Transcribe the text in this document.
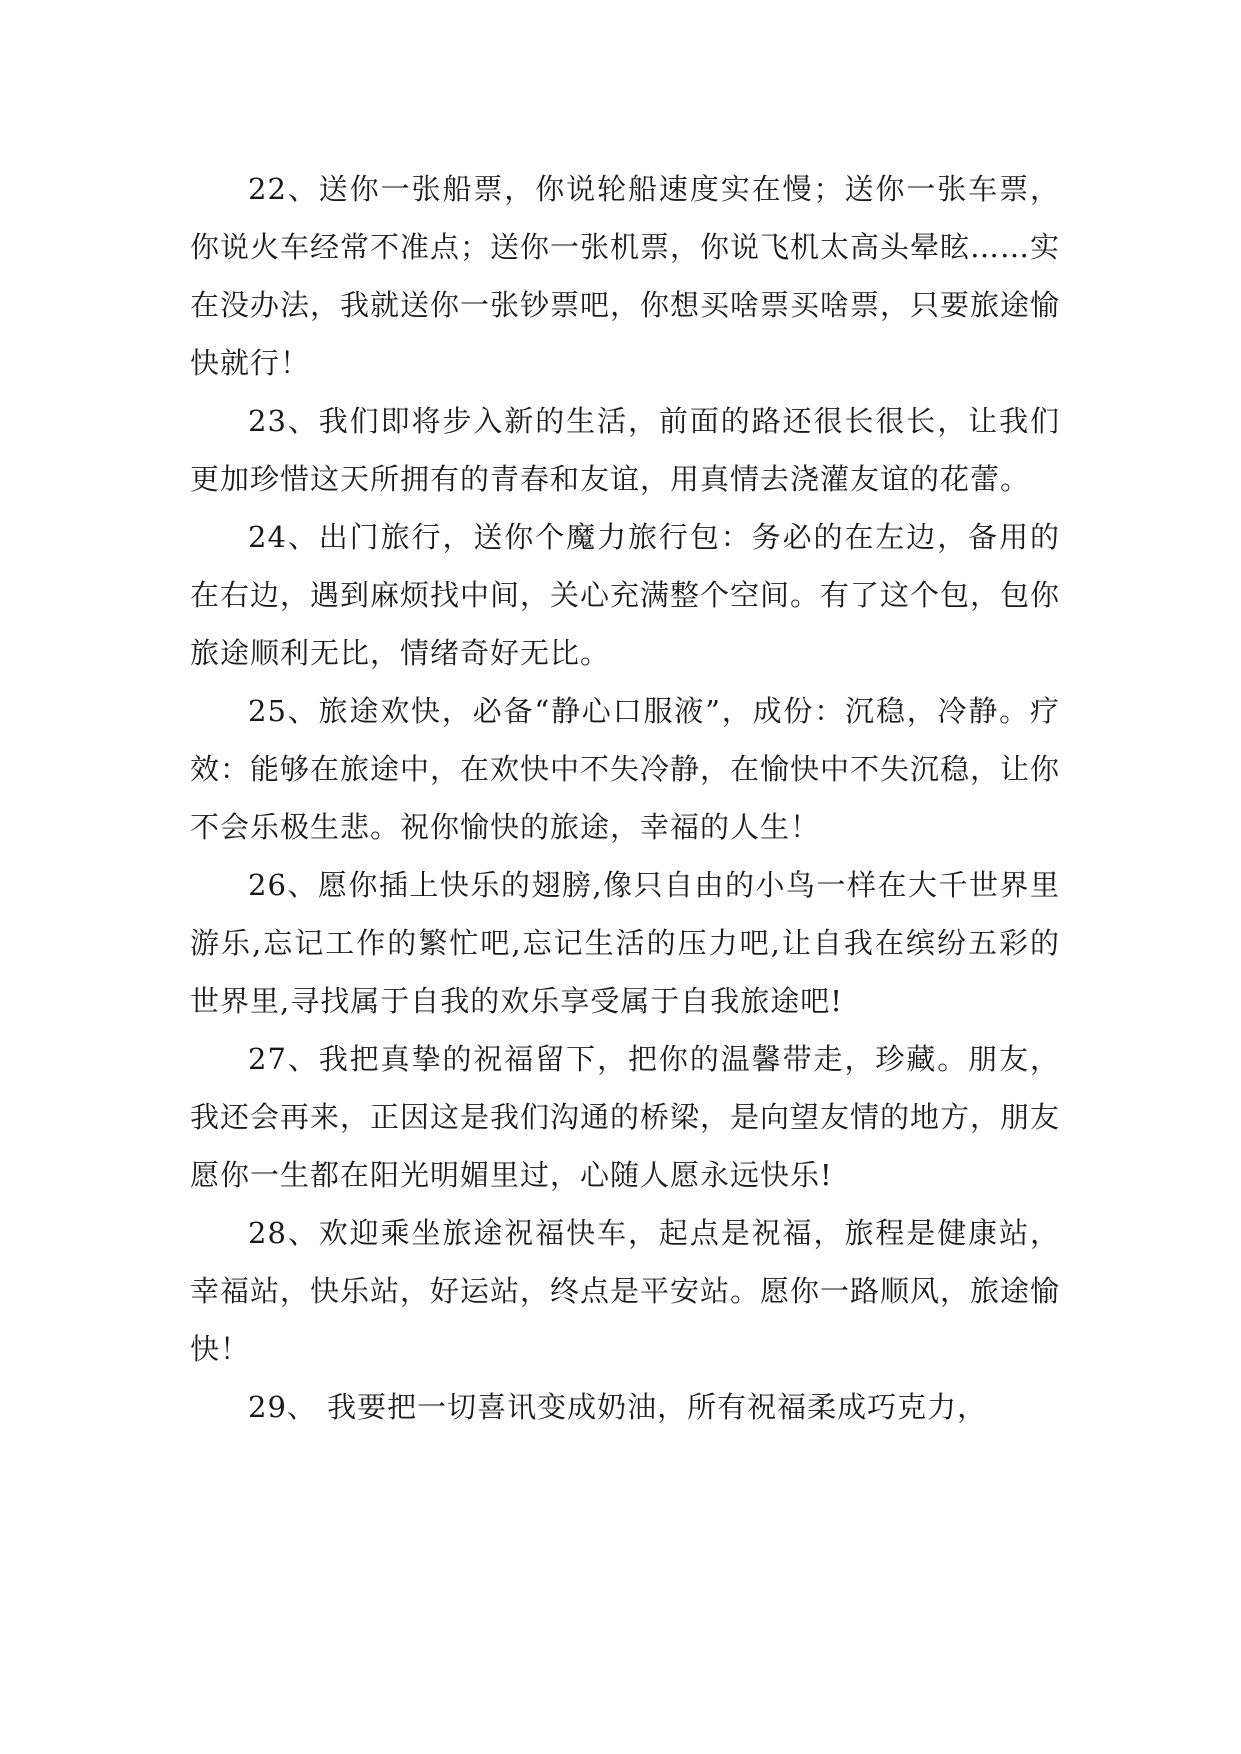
22、送你一张船票，你说轮船速度实在慢；送你一张车票，你说火车经常不准点；送你一张机票，你说飞机太高头晕眩……实在没办法，我就送你一张钞票吧，你想买啥票买啥票，只要旅途愉快就行！

23、我们即将步入新的生活，前面的路还很长很长，让我们更加珍惜这天所拥有的青春和友谊，用真情去浇灌友谊的花蕾。

24、出门旅行，送你个魔力旅行包：务必的在左边，备用的在右边，遇到麻烦找中间，关心充满整个空间。有了这个包，包你旅途顺利无比，情绪奇好无比。

25、旅途欢快，必备“静心口服液”，成份：沉稳，冷静。疗效：能够在旅途中，在欢快中不失冷静，在愉快中不失沉稳，让你不会乐极生悲。祝你愉快的旅途，幸福的人生！

26、愿你插上快乐的翅膀,像只自由的小鸟一样在大千世界里游乐,忘记工作的繁忙吧,忘记生活的压力吧,让自我在缤纷五彩的世界里,寻找属于自我的欢乐享受属于自我旅途吧!

27、我把真挚的祝福留下，把你的温馨带走，珍藏。朋友，我还会再来，正因这是我们沟通的桥梁，是向望友情的地方，朋友愿你一生都在阳光明媚里过，心随人愿永远快乐!

28、欢迎乘坐旅途祝福快车，起点是祝福，旅程是健康站，幸福站，快乐站，好运站，终点是平安站。愿你一路顺风，旅途愉快！

29、 我要把一切喜讯变成奶油，所有祝福柔成巧克力，
